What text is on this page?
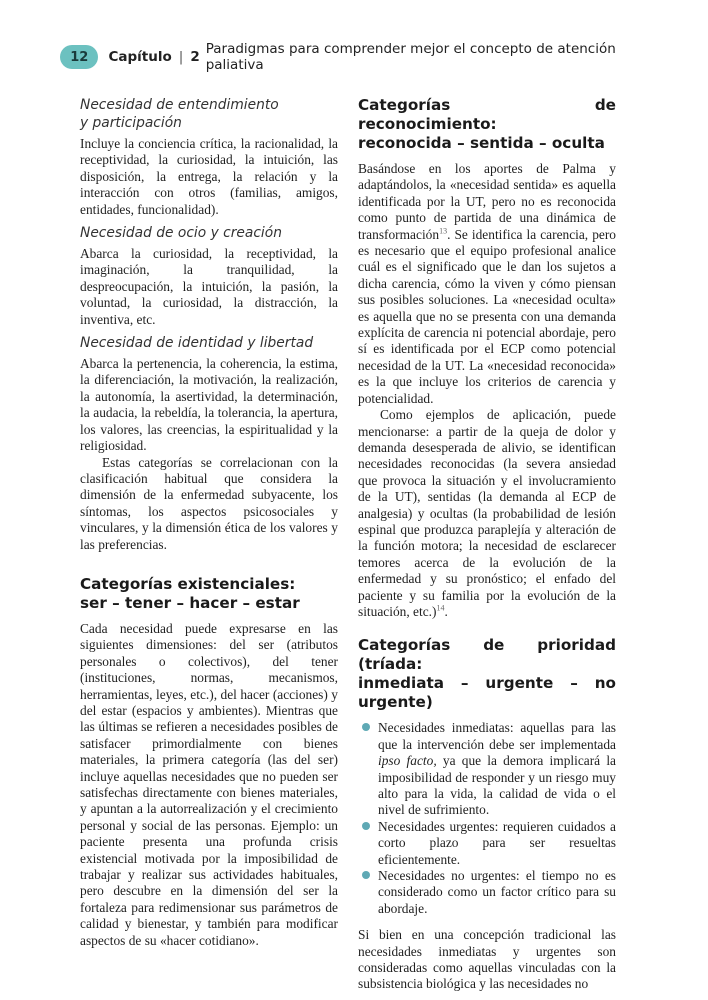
12	Capítulo | 2 Paradigmas para comprender mejor el concepto de atención paliativa
Necesidad de entendimiento
y participación

Incluye la conciencia crítica, la racionalidad, la receptividad, la curiosidad, la intuición, las disposición, la entrega, la relación y la interacción con otros (familias, amigos, entidades, funcionalidad).

Necesidad de ocio y creación

Abarca la curiosidad, la receptividad, la imaginación, la tranquilidad, la despreocupación, la intuición, la pasión, la voluntad, la curiosidad, la distracción, la inventiva, etc.

Necesidad de identidad y libertad

Abarca la pertenencia, la coherencia, la estima, la diferenciación, la motivación, la realización, la autonomía, la asertividad, la determinación, la audacia, la rebeldía, la tolerancia, la apertura, los valores, las creencias, la espiritualidad y la religiosidad.

Estas categorías se correlacionan con la clasificación habitual que considera la dimensión de la enfermedad subyacente, los síntomas, los aspectos psicosociales y vinculares, y la dimensión ética de los valores y las preferencias.

Categorías existenciales:
ser – tener – hacer – estar

Cada necesidad puede expresarse en las siguientes dimensiones: del ser (atributos personales o colectivos), del tener (instituciones, normas, mecanismos, herramientas, leyes, etc.), del hacer (acciones) y del estar (espacios y ambientes). Mientras que las últimas se refieren a necesidades posibles de satisfacer primordialmente con bienes materiales, la primera categoría (las del ser) incluye aquellas necesidades que no pueden ser satisfechas directamente con bienes materiales, y apuntan a la autorrealización y el crecimiento personal y social de las personas. Ejemplo: un paciente presenta una profunda crisis existencial motivada por la imposibilidad de trabajar y realizar sus actividades habituales, pero descubre en la dimensión del ser la fortaleza para redimensionar sus parámetros de calidad y bienestar, y también para modificar aspectos de su «hacer cotidiano».

Categorías de reconocimiento:
reconocida – sentida – oculta

Basándose en los aportes de Palma y adaptándolos, la «necesidad sentida» es aquella identificada por la UT, pero no es reconocida como punto de partida de una dinámica de transformación$^{13}$. Se identifica la carencia, pero es necesario que el equipo profesional analice cuál es el significado que le dan los sujetos a dicha carencia, cómo la viven y cómo piensan sus posibles soluciones. La «necesidad oculta» es aquella que no se presenta con una demanda explícita de carencia ni potencial abordaje, pero sí es identificada por el ECP como potencial necesidad de la UT. La «necesidad reconocida» es la que incluye los criterios de carencia y potencialidad.

Como ejemplos de aplicación, puede mencionarse: a partir de la queja de dolor y demanda desesperada de alivio, se identifican necesidades reconocidas (la severa ansiedad que provoca la situación y el involucramiento de la UT), sentidas (la demanda al ECP de analgesia) y ocultas (la probabilidad de lesión espinal que produzca paraplejía y alteración de la función motora; la necesidad de esclarecer temores acerca de la evolución de la enfermedad y su pronóstico; el enfado del paciente y su familia por la evolución de la situación, etc.)$^{14}$.

Categorías de prioridad (tríada:
inmediata – urgente – no urgente)
Necesidades inmediatas: aquellas para las que la intervención debe ser implementada ipso facto, ya que la demora implicará la imposibilidad de responder y un riesgo muy alto para la vida, la calidad de vida o el nivel de sufrimiento.
Necesidades urgentes: requieren cuidados a corto plazo para ser resueltas eficientemente.
Necesidades no urgentes: el tiempo no es considerado como un factor crítico para su abordaje.

Si bien en una concepción tradicional las necesidades inmediatas y urgentes son consideradas como aquellas vinculadas con la subsistencia biológica y las necesidades no
